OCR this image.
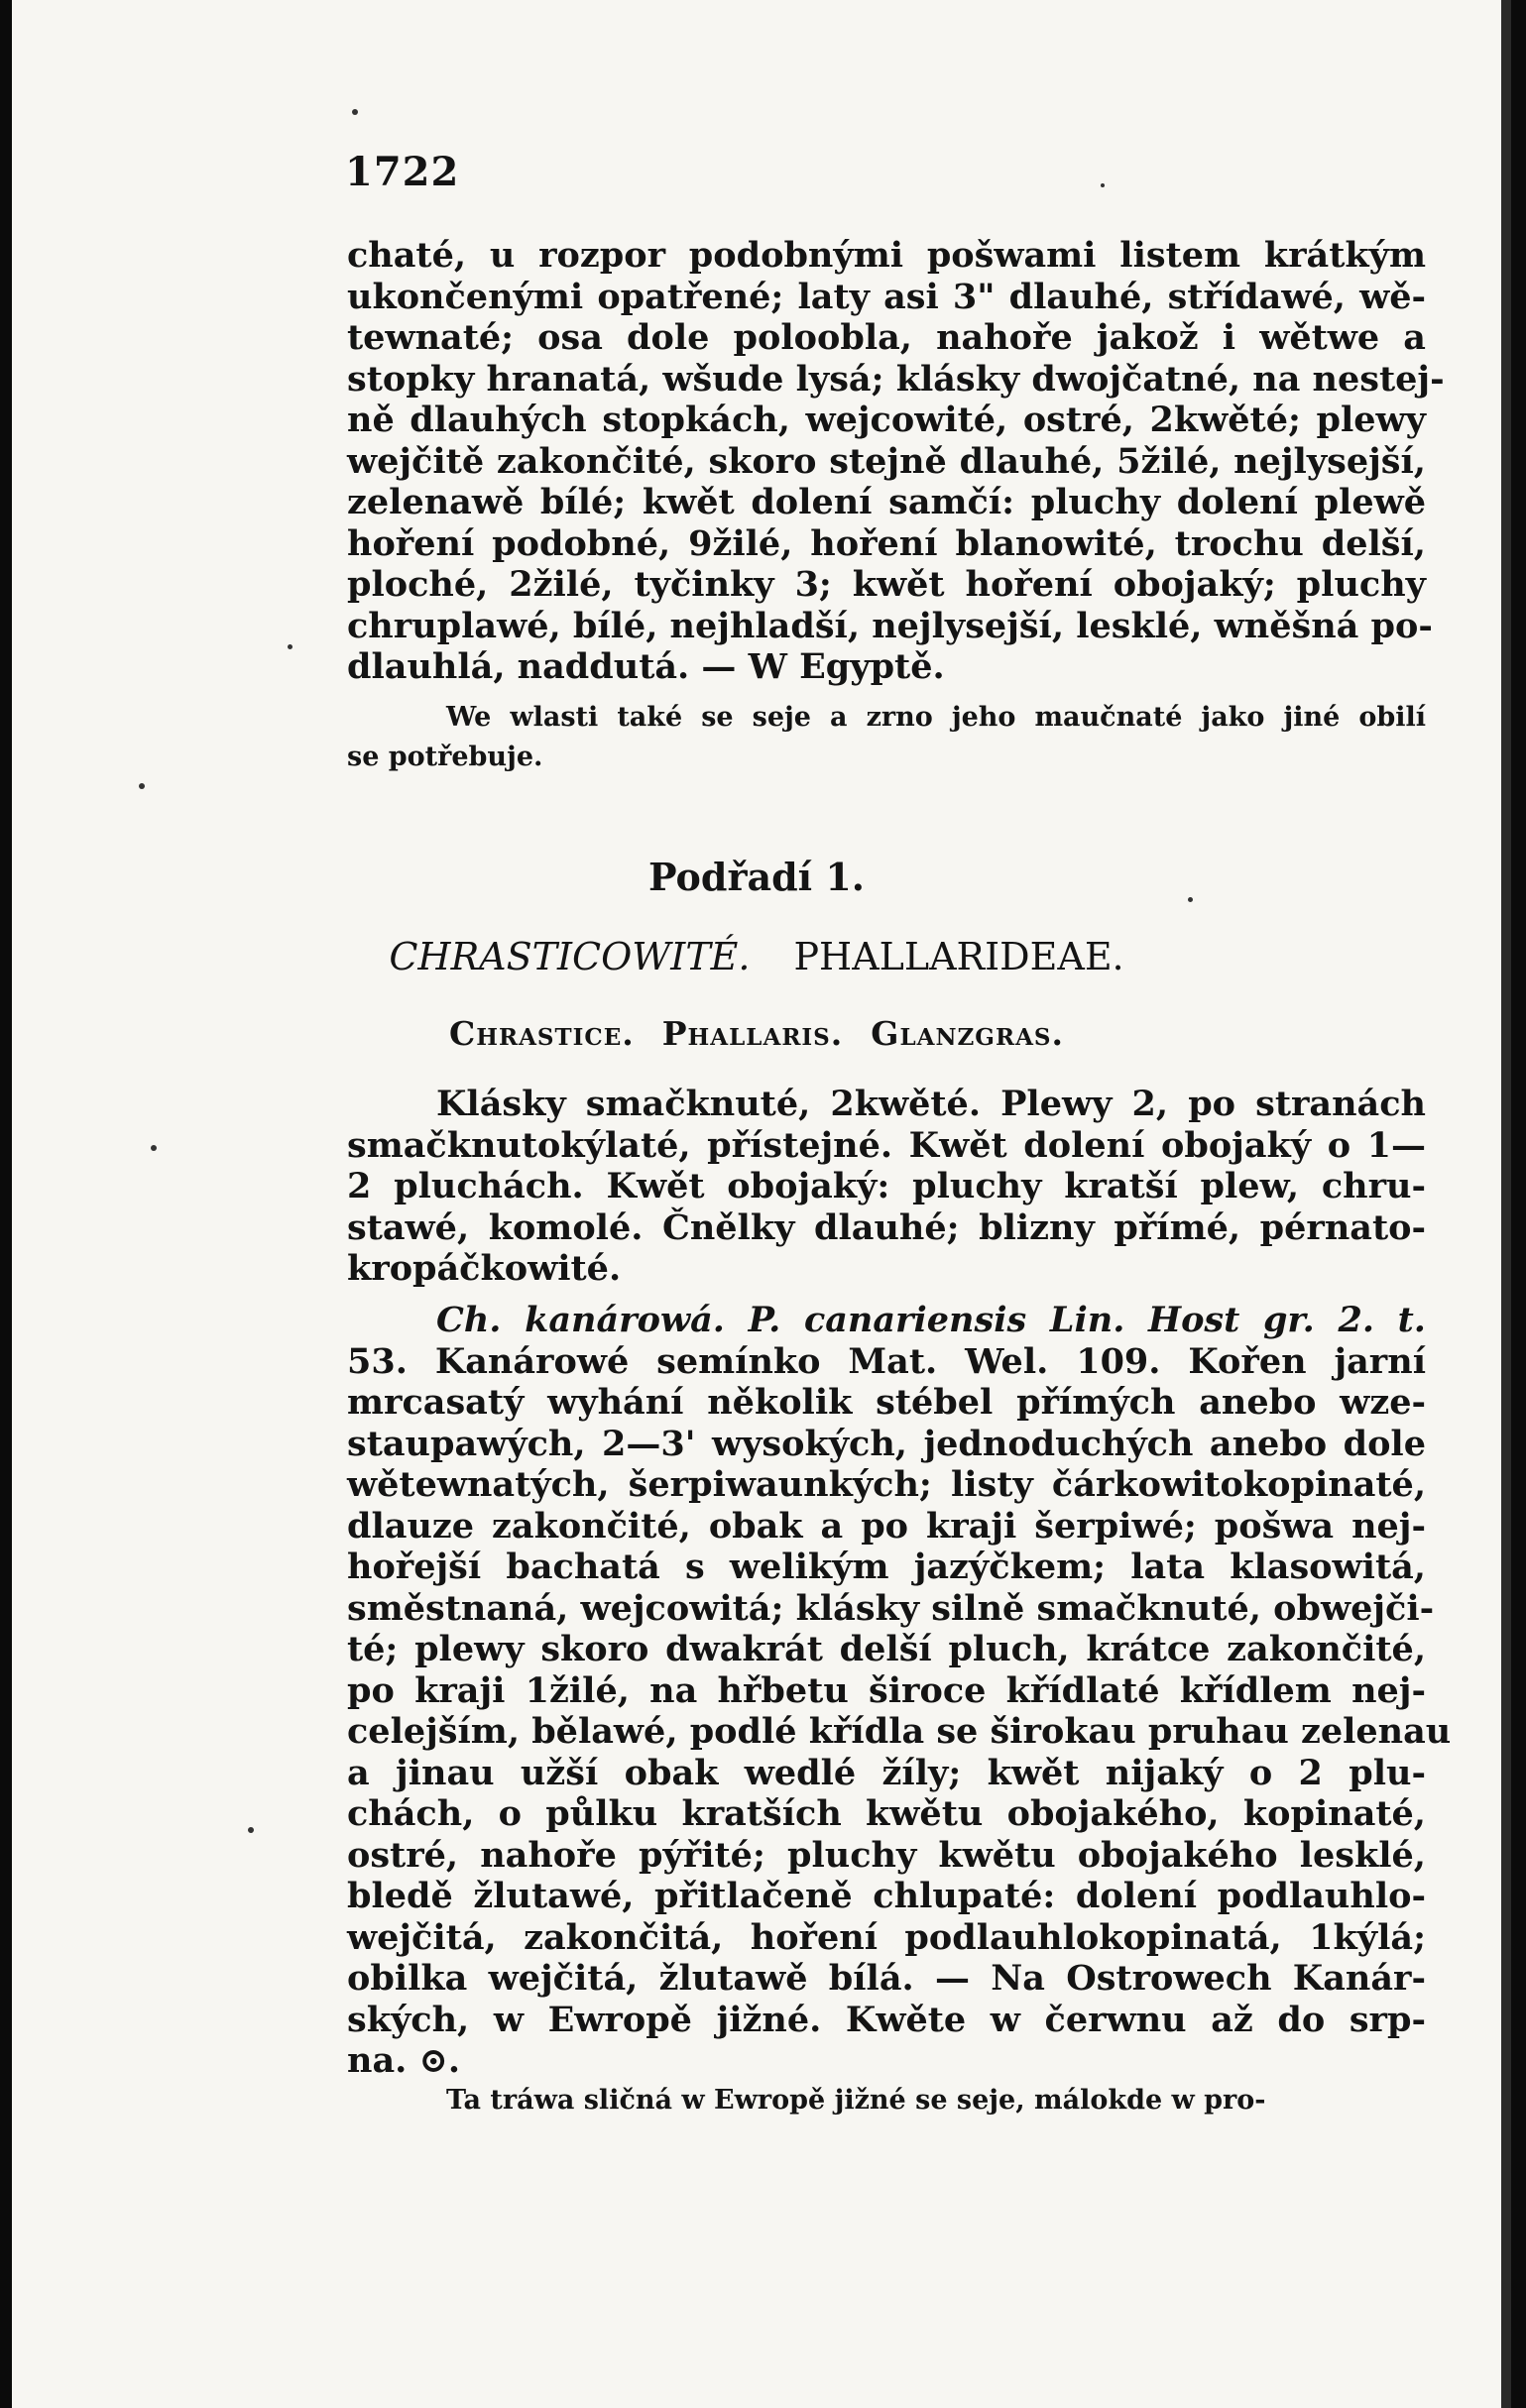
1722
chaté, u rozpor podobnými pošwami listem krátkým
ukončenými opatřené; laty asi 3" dlauhé, střídawé, wě-
tewnaté; osa dole poloobla, nahoře jakož i wětwe a
stopky hranatá, wšude lysá; klásky dwojčatné, na nestej-
ně dlauhých stopkách, wejcowité, ostré, 2kwěté; plewy
wejčitě zakončité, skoro stejně dlauhé, 5žilé, nejlysejší,
zelenawě bílé; kwět dolení samčí: pluchy dolení plewě
hoření podobné, 9žilé, hoření blanowité, trochu delší,
ploché, 2žilé, tyčinky 3; kwět hoření obojaký; pluchy
chruplawé, bílé, nejhladší, nejlysejší, lesklé, wněšná po-
dlauhlá, naddutá. — W Egyptě.
We wlasti také se seje a zrno jeho maučnaté jako jiné obilí
se potřebuje.
Podřadí 1.
CHRASTICOWITÉ. PHALLARIDEAE.
Chrastice. Phallaris. Glanzgras.
Klásky smačknuté, 2kwěté. Plewy 2, po stranách
smačknutokýlaté, přístejné. Kwět dolení obojaký o 1—
2 pluchách. Kwět obojaký: pluchy kratší plew, chru-
stawé, komolé. Čnělky dlauhé; blizny přímé, pérnato-
kropáčkowité.
Ch. kanárowá. P. canariensis Lin. Host gr. 2. t.
53. Kanárowé semínko Mat. Wel. 109. Kořen jarní
mrcasatý wyhání několik stébel přímých anebo wze-
staupawých, 2—3' wysokých, jednoduchých anebo dole
wětewnatých, šerpiwaunkých; listy čárkowitokopinaté,
dlauze zakončité, obak a po kraji šerpiwé; pošwa nej-
hořejší bachatá s welikým jazýčkem; lata klasowitá,
směstnaná, wejcowitá; klásky silně smačknuté, obwejči-
té; plewy skoro dwakrát delší pluch, krátce zakončité,
po kraji 1žilé, na hřbetu široce křídlaté křídlem nej-
celejším, bělawé, podlé křídla se širokau pruhau zelenau
a jinau užší obak wedlé žíly; kwět nijaký o 2 plu-
chách, o půlku kratších kwětu obojakého, kopinaté,
ostré, nahoře pýřité; pluchy kwětu obojakého lesklé,
bledě žlutawé, přitlačeně chlupaté: dolení podlauhlo-
wejčitá, zakončitá, hoření podlauhlokopinatá, 1kýlá;
obilka wejčitá, žlutawě bílá. — Na Ostrowech Kanár-
ských, w Ewropě jižné. Kwěte w čerwnu až do srp-
na. ⊙.
Ta tráwa sličná w Ewropě jižné se seje, málokde w pro-
